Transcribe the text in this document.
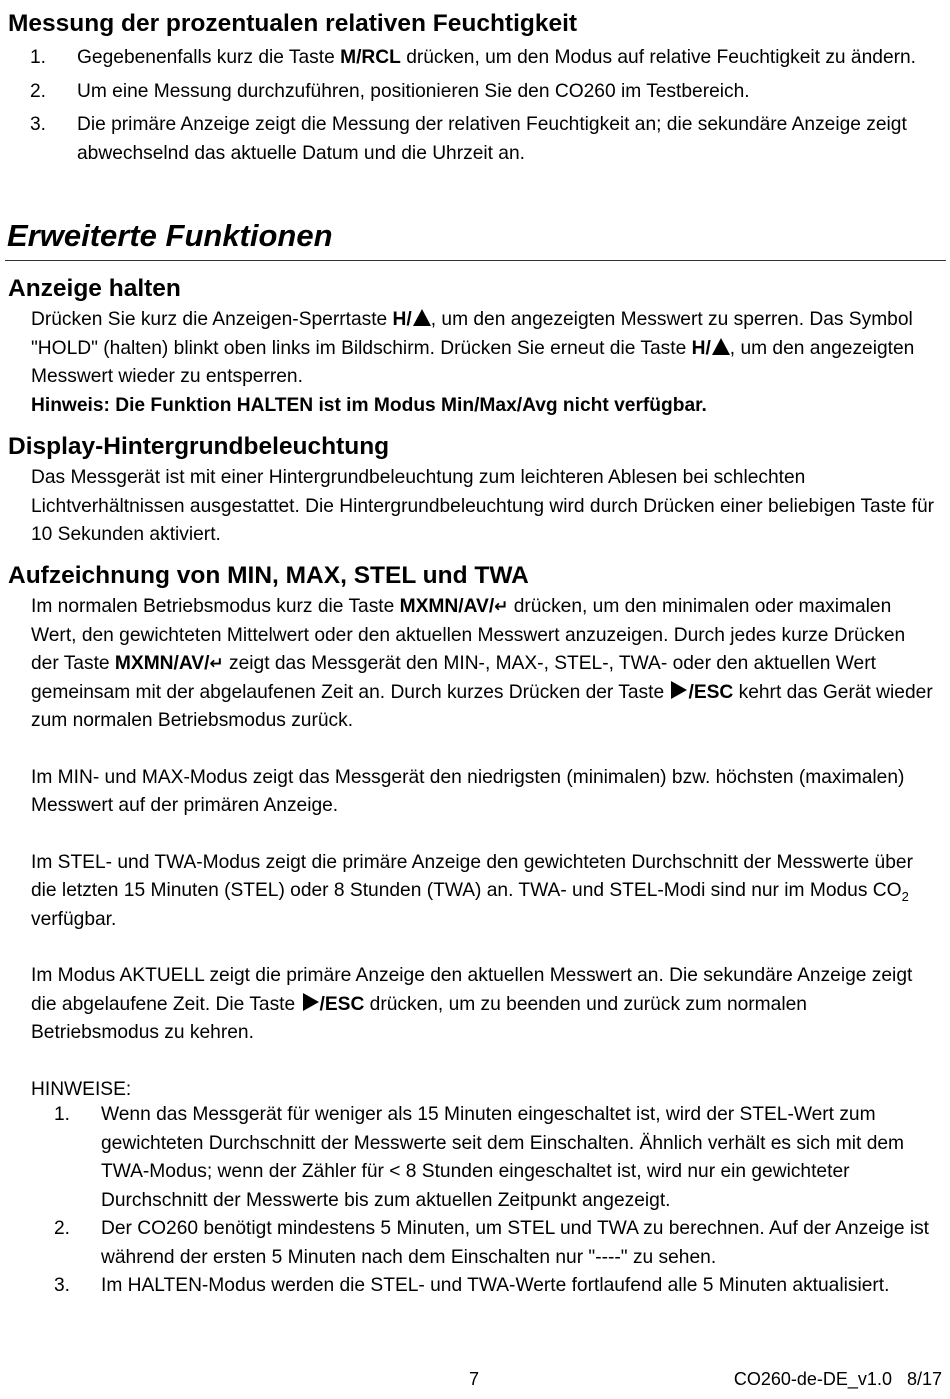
Messung der prozentualen relativen Feuchtigkeit
1. Gegebenenfalls kurz die Taste M/RCL drücken, um den Modus auf relative Feuchtigkeit zu ändern.
2. Um eine Messung durchzuführen, positionieren Sie den CO260 im Testbereich.
3. Die primäre Anzeige zeigt die Messung der relativen Feuchtigkeit an; die sekundäre Anzeige zeigt abwechselnd das aktuelle Datum und die Uhrzeit an.
Erweiterte Funktionen
Anzeige halten

Drücken Sie kurz die Anzeigen-Sperrtaste H/ , um den angezeigten Messwert zu sperren. Das Symbol "HOLD" (halten) blinkt oben links im Bildschirm. Drücken Sie erneut die Taste H/ , um den angezeigten Messwert wieder zu entsperren.

Hinweis: Die Funktion HALTEN ist im Modus Min/Max/Avg nicht verfügbar.

Display-Hintergrundbeleuchtung

Das Messgerät ist mit einer Hintergrundbeleuchtung zum leichteren Ablesen bei schlechten Lichtverhältnissen ausgestattet. Die Hintergrundbeleuchtung wird durch Drücken einer beliebigen Taste für 10 Sekunden aktiviert.

Aufzeichnung von MIN, MAX, STEL und TWA

Im normalen Betriebsmodus kurz die Taste MXMN/AV/↵ drücken, um den minimalen oder maximalen Wert, den gewichteten Mittelwert oder den aktuellen Messwert anzuzeigen. Durch jedes kurze Drücken der Taste MXMN/AV/↵ zeigt das Messgerät den MIN-, MAX-, STEL-, TWA- oder den aktuellen Wert gemeinsam mit der abgelaufenen Zeit an. Durch kurzes Drücken der Taste /ESC kehrt das Gerät wieder zum normalen Betriebsmodus zurück.

Im MIN- und MAX-Modus zeigt das Messgerät den niedrigsten (minimalen) bzw. höchsten (maximalen) Messwert auf der primären Anzeige.

Im STEL- und TWA-Modus zeigt die primäre Anzeige den gewichteten Durchschnitt der Messwerte über die letzten 15 Minuten (STEL) oder 8 Stunden (TWA) an. TWA- und STEL-Modi sind nur im Modus $CO_2$ verfügbar.

Im Modus AKTUELL zeigt die primäre Anzeige den aktuellen Messwert an. Die sekundäre Anzeige zeigt die abgelaufene Zeit. Die Taste /ESC drücken, um zu beenden und zurück zum normalen Betriebsmodus zu kehren.

HINWEISE:

1. Wenn das Messgerät für weniger als 15 Minuten eingeschaltet ist, wird der STEL-Wert zum gewichteten Durchschnitt der Messwerte seit dem Einschalten. Ähnlich verhält es sich mit dem TWA-Modus; wenn der Zähler für < 8 Stunden eingeschaltet ist, wird nur ein gewichteter Durchschnitt der Messwerte bis zum aktuellen Zeitpunkt angezeigt.
2. Der CO260 benötigt mindestens 5 Minuten, um STEL und TWA zu berechnen. Auf der Anzeige ist während der ersten 5 Minuten nach dem Einschalten nur "----" zu sehen.
3. Im HALTEN-Modus werden die STEL- und TWA-Werte fortlaufend alle 5 Minuten aktualisiert.
7	CO260-de-DE_v1.0   8/17
